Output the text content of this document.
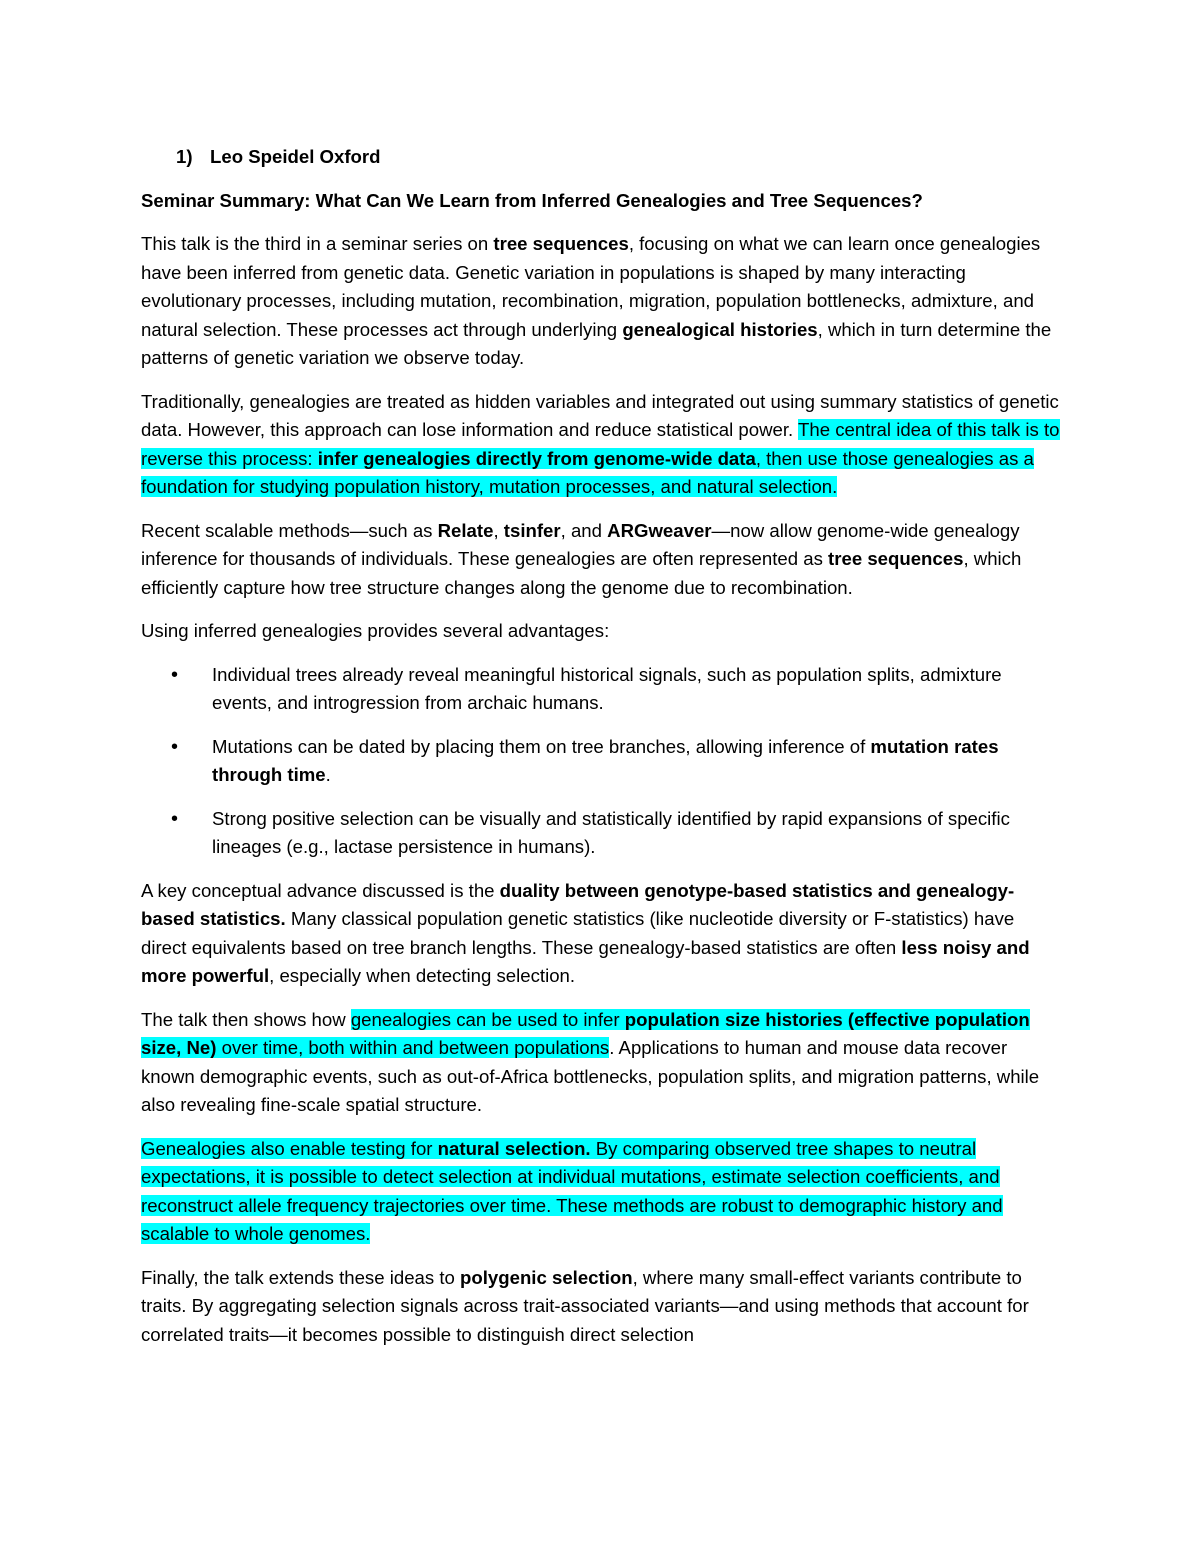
1) Leo Speidel Oxford

Seminar Summary: What Can We Learn from Inferred Genealogies and Tree Sequences?

This talk is the third in a seminar series on tree sequences, focusing on what we can learn once genealogies have been inferred from genetic data. Genetic variation in populations is shaped by many interacting evolutionary processes, including mutation, recombination, migration, population bottlenecks, admixture, and natural selection. These processes act through underlying genealogical histories, which in turn determine the patterns of genetic variation we observe today.

Traditionally, genealogies are treated as hidden variables and integrated out using summary statistics of genetic data. However, this approach can lose information and reduce statistical power. The central idea of this talk is to reverse this process: infer genealogies directly from genome-wide data, then use those genealogies as a foundation for studying population history, mutation processes, and natural selection.

Recent scalable methods—such as Relate, tsinfer, and ARGweaver—now allow genome-wide genealogy inference for thousands of individuals. These genealogies are often represented as tree sequences, which efficiently capture how tree structure changes along the genome due to recombination.

Using inferred genealogies provides several advantages:

• Individual trees already reveal meaningful historical signals, such as population splits, admixture events, and introgression from archaic humans.
• Mutations can be dated by placing them on tree branches, allowing inference of mutation rates through time.
• Strong positive selection can be visually and statistically identified by rapid expansions of specific lineages (e.g., lactase persistence in humans).

A key conceptual advance discussed is the duality between genotype-based statistics and genealogy-based statistics. Many classical population genetic statistics (like nucleotide diversity or F-statistics) have direct equivalents based on tree branch lengths. These genealogy-based statistics are often less noisy and more powerful, especially when detecting selection.

The talk then shows how genealogies can be used to infer population size histories (effective population size, Ne) over time, both within and between populations. Applications to human and mouse data recover known demographic events, such as out-of-Africa bottlenecks, population splits, and migration patterns, while also revealing fine-scale spatial structure.

Genealogies also enable testing for natural selection. By comparing observed tree shapes to neutral expectations, it is possible to detect selection at individual mutations, estimate selection coefficients, and reconstruct allele frequency trajectories over time. These methods are robust to demographic history and scalable to whole genomes.

Finally, the talk extends these ideas to polygenic selection, where many small-effect variants contribute to traits. By aggregating selection signals across trait-associated variants—and using methods that account for correlated traits—it becomes possible to distinguish direct selection
